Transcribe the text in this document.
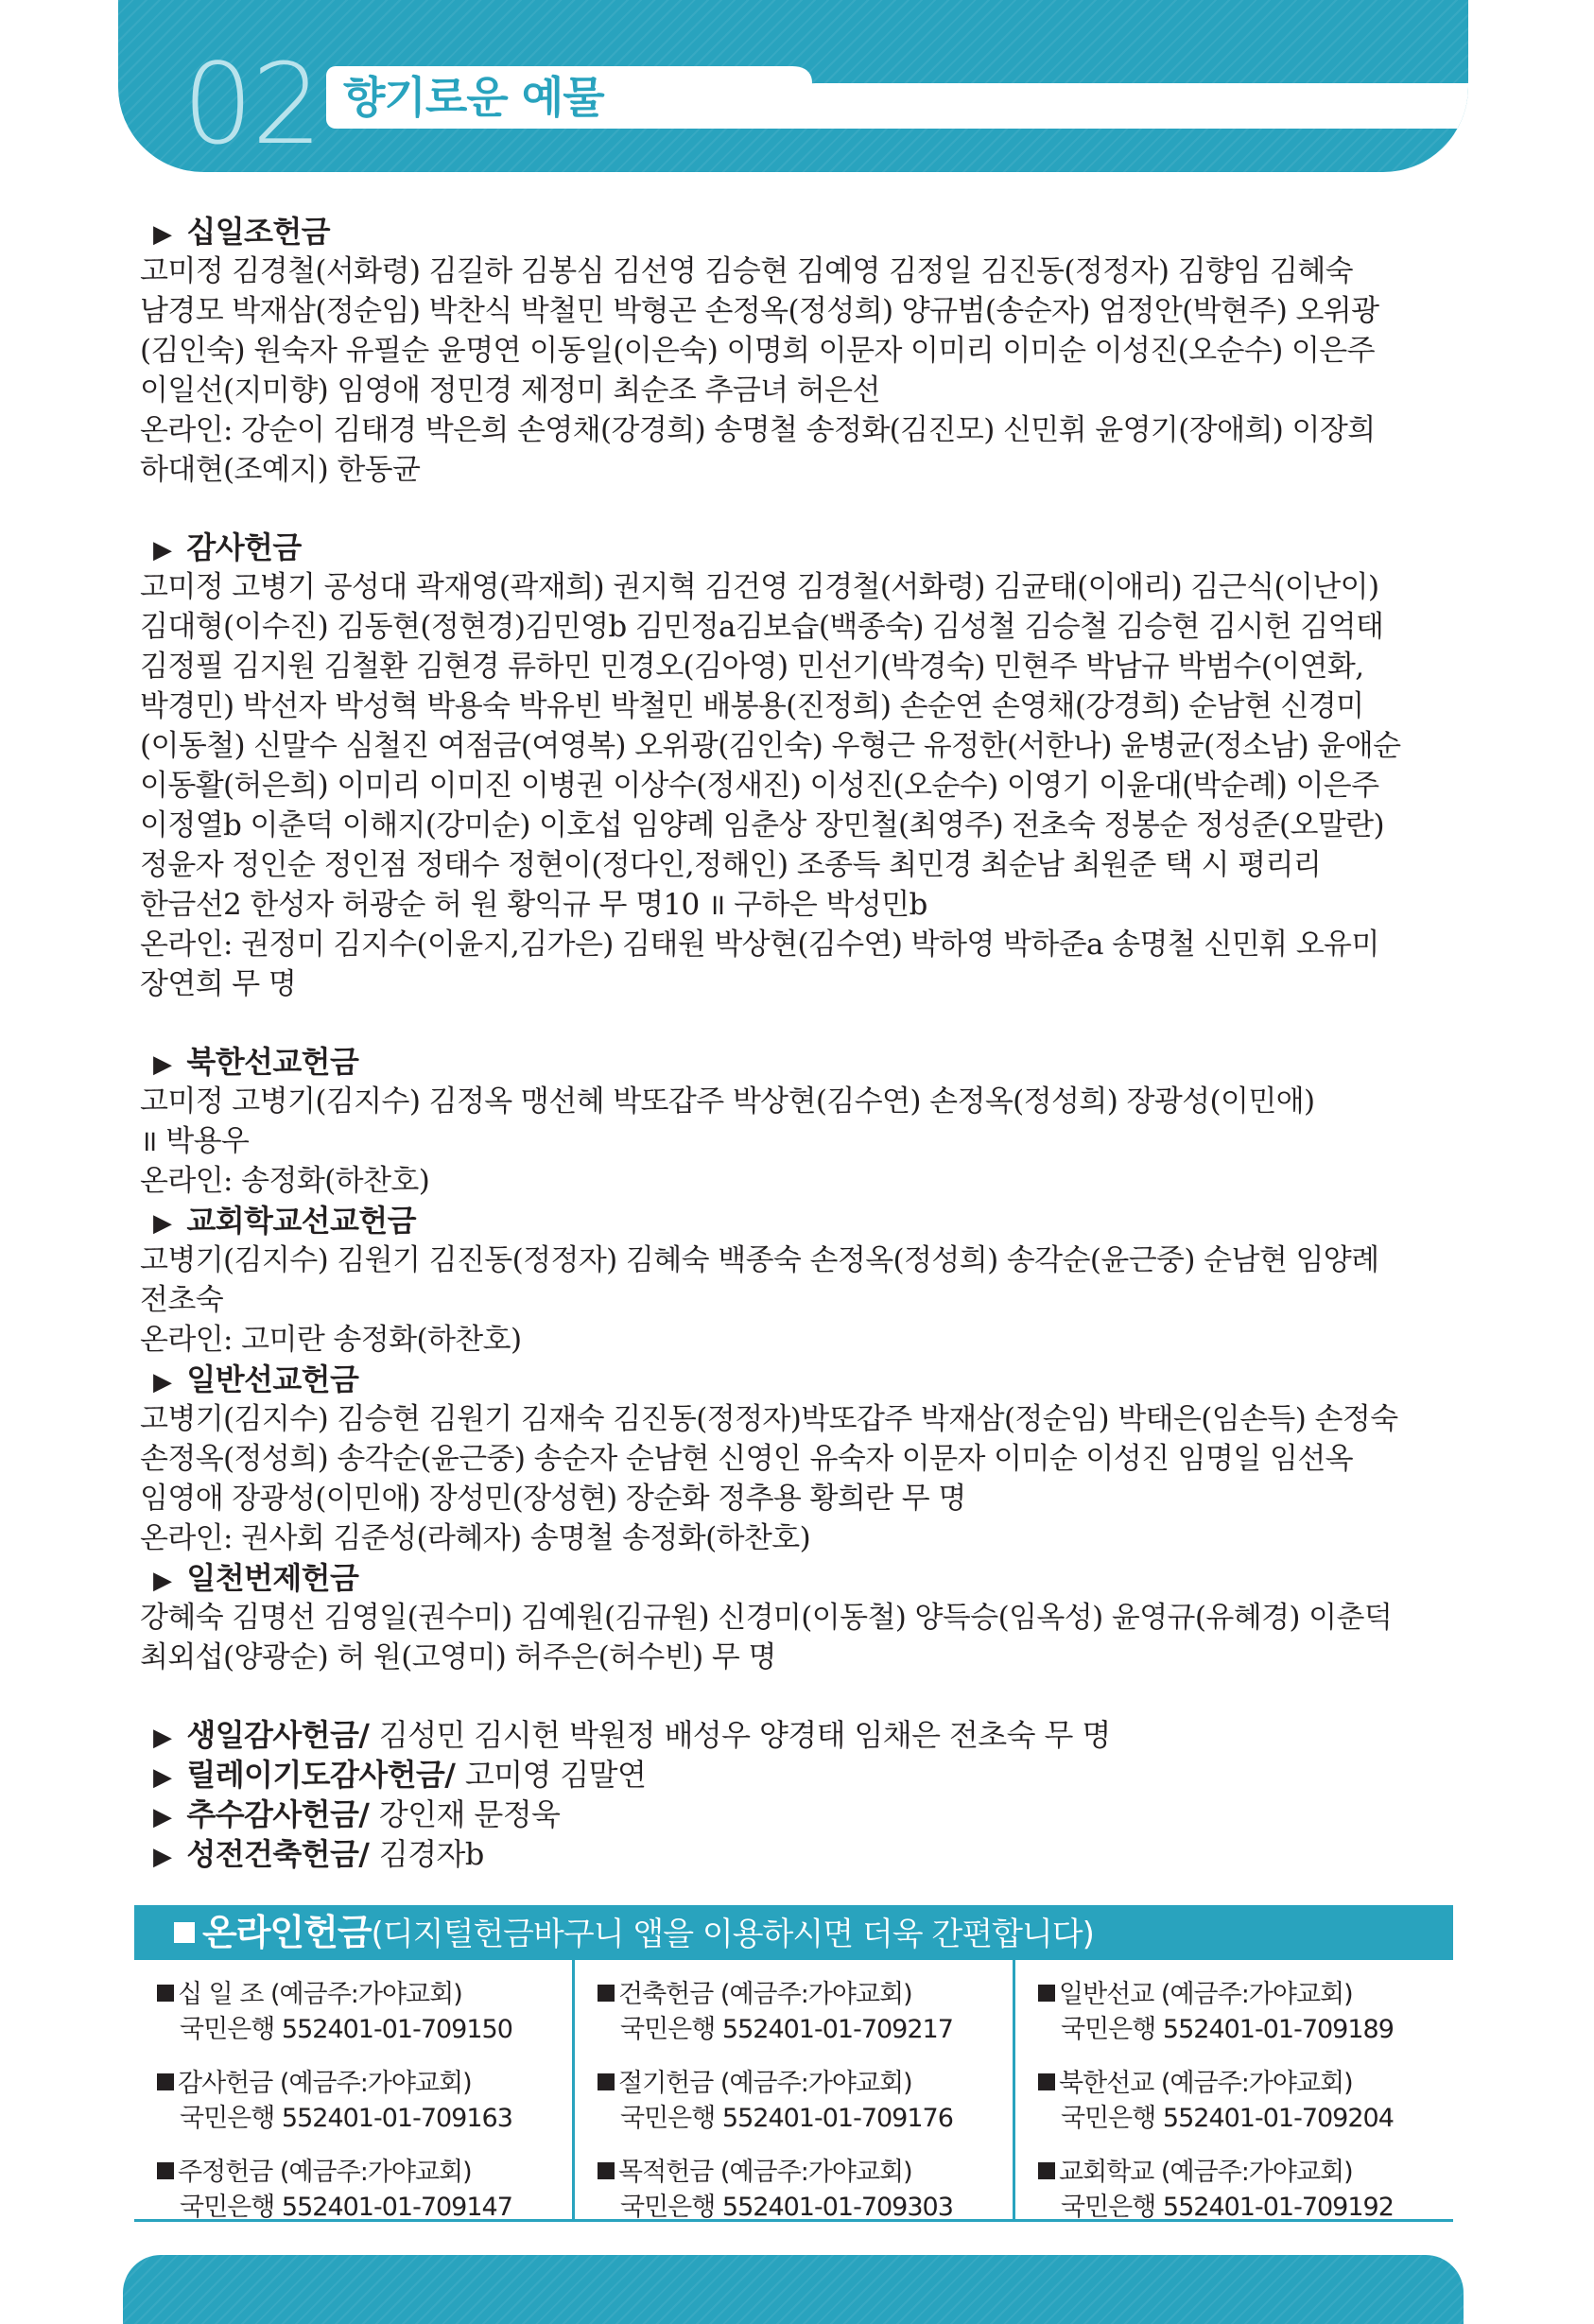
02 향기로운 예물
▶ 십일조헌금
고미정 김경철(서화령) 김길하 김봉심 김선영 김승현 김예영 김정일 김진동(정정자) 김향임 김혜숙
남경모 박재삼(정순임) 박찬식 박철민 박형곤 손정옥(정성희) 양규범(송순자) 엄정안(박현주) 오위광
(김인숙) 원숙자 유필순 윤명연 이동일(이은숙) 이명희 이문자 이미리 이미순 이성진(오순수) 이은주
이일선(지미향) 임영애 정민경 제정미 최순조 추금녀 허은선
온라인: 강순이 김태경 박은희 손영채(강경희) 송명철 송정화(김진모) 신민휘 윤영기(장애희) 이장희
하대현(조예지) 한동균
▶ 감사헌금
고미정 고병기 공성대 곽재영(곽재희) 권지혁 김건영 김경철(서화령) 김균태(이애리) 김근식(이난이)
김대형(이수진) 김동현(정현경)김민영b 김민정a김보습(백종숙) 김성철 김승철 김승현 김시헌 김억태
김정필 김지원 김철환 김현경 류하민 민경오(김아영) 민선기(박경숙) 민현주 박남규 박범수(이연화,
박경민) 박선자 박성혁 박용숙 박유빈 박철민 배봉용(진정희) 손순연 손영채(강경희) 순남현 신경미
(이동철) 신말수 심철진 여점금(여영복) 오위광(김인숙) 우형근 유정한(서한나) 윤병균(정소남) 윤애순
이동활(허은희) 이미리 이미진 이병권 이상수(정새진) 이성진(오순수) 이영기 이윤대(박순례) 이은주
이정열b 이춘덕 이해지(강미순) 이호섭 임양례 임춘상 장민철(최영주) 전초숙 정봉순 정성준(오말란)
정윤자 정인순 정인점 정태수 정현이(정다인,정해인) 조종득 최민경 최순남 최원준 택 시 평리리
한금선2 한성자 허광순 허 원 황익규 무 명10 ॥ 구하은 박성민b
온라인: 권정미 김지수(이윤지,김가은) 김태원 박상현(김수연) 박하영 박하준a 송명철 신민휘 오유미
장연희 무 명
▶ 북한선교헌금
고미정 고병기(김지수) 김정옥 맹선혜 박또갑주 박상현(김수연) 손정옥(정성희) 장광성(이민애)
॥ 박용우
온라인: 송정화(하찬호)
▶ 교회학교선교헌금
고병기(김지수) 김원기 김진동(정정자) 김혜숙 백종숙 손정옥(정성희) 송각순(윤근중) 순남현 임양례
전초숙
온라인: 고미란 송정화(하찬호)
▶ 일반선교헌금
고병기(김지수) 김승현 김원기 김재숙 김진동(정정자)박또갑주 박재삼(정순임) 박태은(임손득) 손정숙
손정옥(정성희) 송각순(윤근중) 송순자 순남현 신영인 유숙자 이문자 이미순 이성진 임명일 임선옥
임영애 장광성(이민애) 장성민(장성현) 장순화 정추용 황희란 무 명
온라인: 권사회 김준성(라혜자) 송명철 송정화(하찬호)
▶ 일천번제헌금
강혜숙 김명선 김영일(권수미) 김예원(김규원) 신경미(이동철) 양득승(임옥성) 윤영규(유혜경) 이춘덕
최외섭(양광순) 허 원(고영미) 허주은(허수빈) 무 명
▶ 생일감사헌금/ 김성민 김시헌 박원정 배성우 양경태 임채은 전초숙 무 명
▶ 릴레이기도감사헌금/ 고미영 김말연
▶ 추수감사헌금/ 강인재 문정욱
▶ 성전건축헌금/ 김경자b
온라인헌금(디지털헌금바구니 앱을 이용하시면 더욱 간편합니다)
십 일 조 (예금주:가야교회)
국민은행 552401-01-709150
감사헌금 (예금주:가야교회)
국민은행 552401-01-709163
주정헌금 (예금주:가야교회)
국민은행 552401-01-709147
건축헌금 (예금주:가야교회)
국민은행 552401-01-709217
절기헌금 (예금주:가야교회)
국민은행 552401-01-709176
목적헌금 (예금주:가야교회)
국민은행 552401-01-709303
일반선교 (예금주:가야교회)
국민은행 552401-01-709189
북한선교 (예금주:가야교회)
국민은행 552401-01-709204
교회학교 (예금주:가야교회)
국민은행 552401-01-709192
